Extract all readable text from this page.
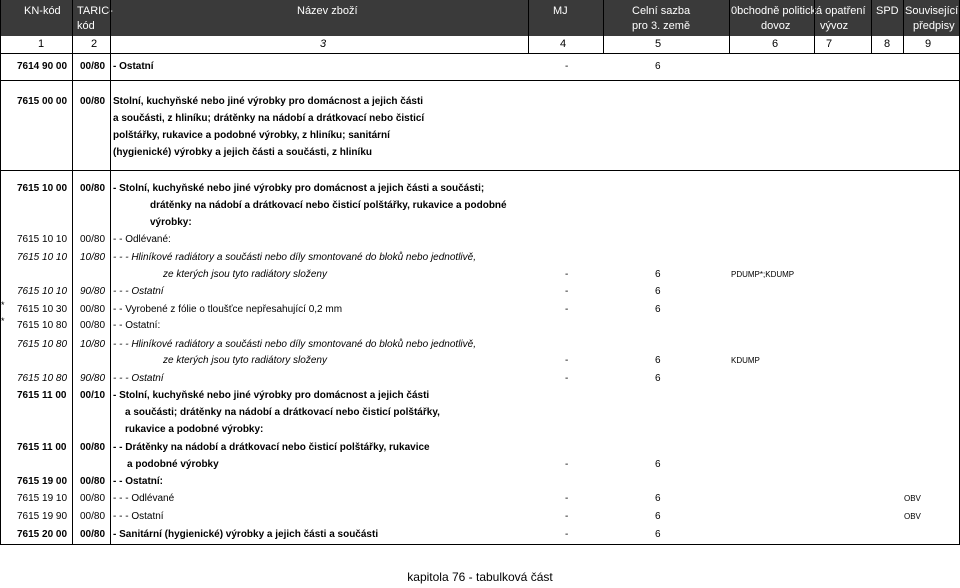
KN-kód TARIC-
kód
Název zboží	MJ	Celní sazba
pro 3. země
0bchodně politická opatření
dovoz	vývoz
SPD Související
předpisy
1	2	3	4	5	6	7	8	9
7614 90 00 00/80 - Ostatní	-	6
7615 00 00 00/80 Stolní, kuchyňské nebo jiné výrobky pro domácnost a jejich části
a součásti, z hliníku; drátěnky na nádobí a drátkovací nebo čisticí
polštářky, rukavice a podobné výrobky, z hliníku; sanitární
(hygienické) výrobky a jejich části a součásti, z hliníku
7615 10 00 00/80 - Stolní, kuchyňské nebo jiné výrobky pro domácnost a jejich části a součásti;
drátěnky na nádobí a drátkovací nebo čisticí polštářky, rukavice a podobné
výrobky:
7615 10 10 00/80 - - Odlévané:
7615 10 10 10/80 - - - Hliníkové radiátory a součásti nebo díly smontované do bloků nebo jednotlivě,
ze kterých jsou tyto radiátory složeny	-	6	PDUMP*;KDUMP
7615 10 10 90/80 - - - Ostatní	-	6
7615 10 30 00/80 - - Vyrobené z fólie o tloušťce nepřesahující 0,2 mm	-	6
*
7615 10 80 00/80 - - Ostatní:
*
7615 10 80 10/80 - - - Hliníkové radiátory a součásti nebo díly smontované do bloků nebo jednotlivě,
ze kterých jsou tyto radiátory složeny	-	6	KDUMP
7615 10 80 90/80 - - - Ostatní	-	6
7615 11 00 00/10 - Stolní, kuchyňské nebo jiné výrobky pro domácnost a jejich části
a součásti; drátěnky na nádobí a drátkovací nebo čisticí polštářky,
rukavice a podobné výrobky:
7615 11 00 00/80 - - Drátěnky na nádobí a drátkovací nebo čisticí polštářky, rukavice
a podobné výrobky	-	6
7615 19 00 00/80 - - Ostatní:
7615 19 10 00/80 - - - Odlévané	-	6	OBV
7615 19 90 00/80 - - - Ostatní	-	6	OBV
7615 20 00 00/80 - Sanitární (hygienické) výrobky a jejich části a součásti	-	6
kapitola 76 - tabulková část
